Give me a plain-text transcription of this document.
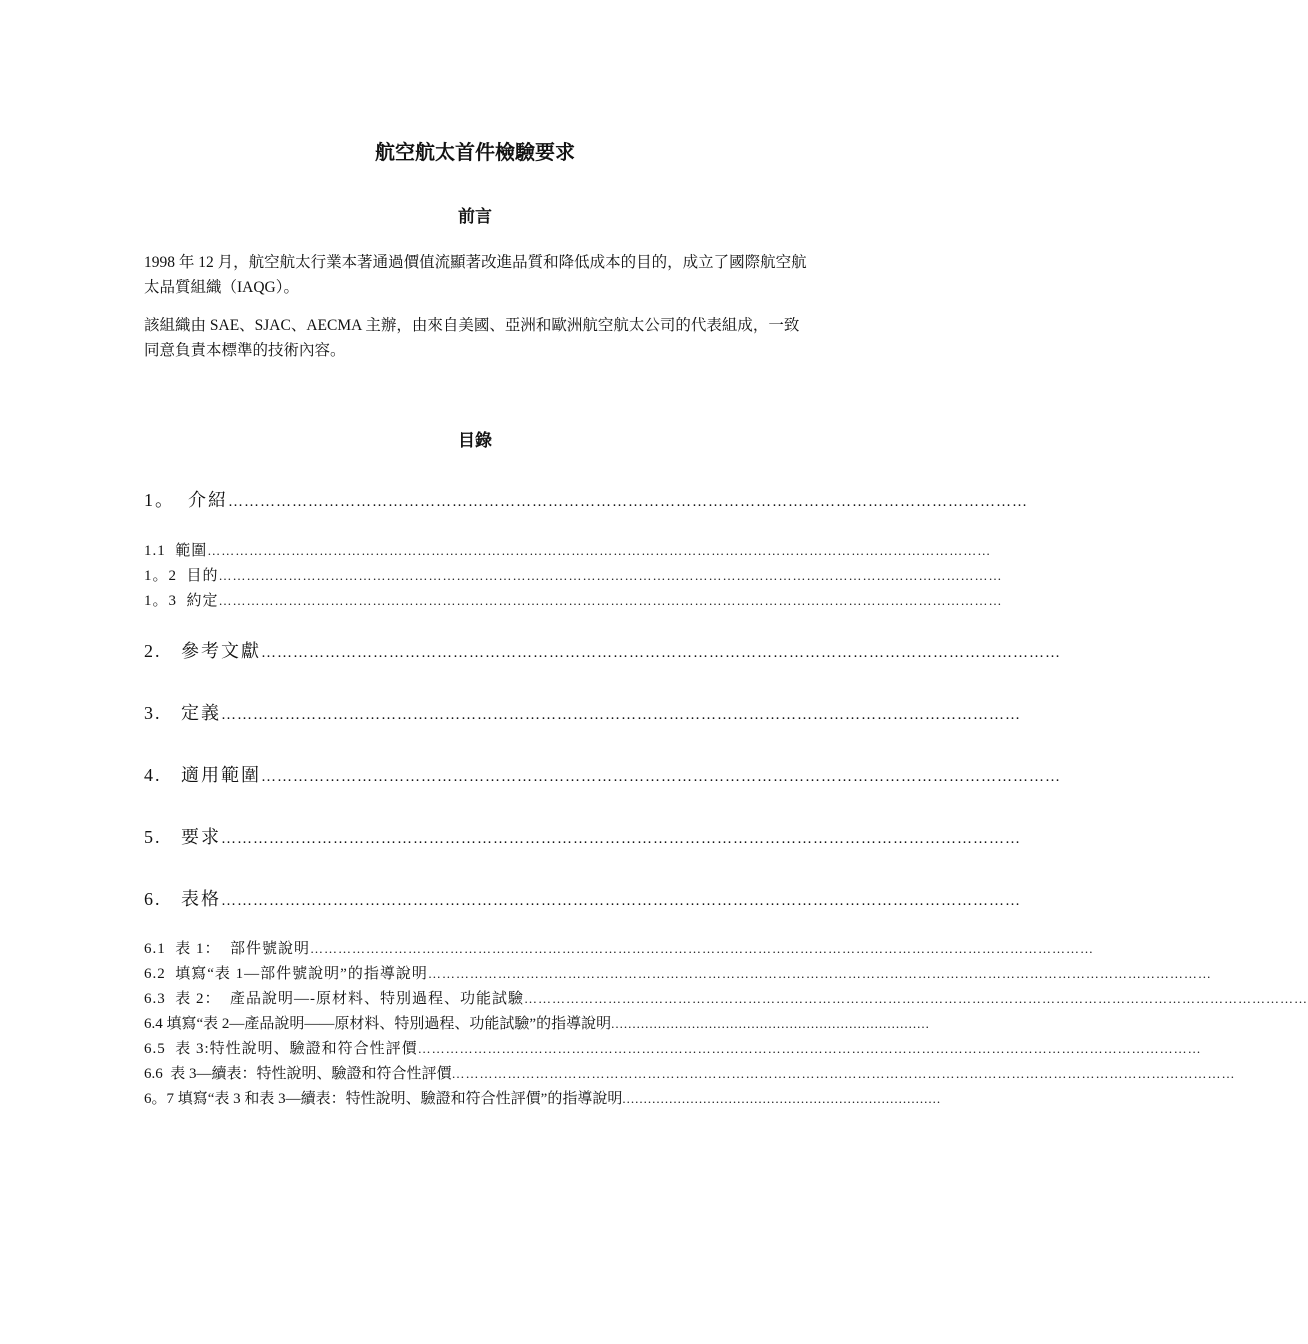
航空航太首件檢驗要求
前言
1998 年 12 月，航空航太行業本著通過價值流顯著改進品質和降低成本的目的，成立了國際航空航太品質組織（IAQG）。
該組織由 SAE、SJAC、AECMA 主辦，由來自美國、亞洲和歐洲航空航太公司的代表組成，一致同意負責本標準的技術內容。
目錄
1。  介紹 ……………………………………………………………………………………………………………………………………
1.1  範圍 ……………………………………………………………………………………………………………………………………………………
1。2  目的 ……………………………………………………………………………………………………………………………………………………
1。3  約定 ……………………………………………………………………………………………………………………………………………………
2.   參考文獻 ……………………………………………………………………………………………………………………………………
3.   定義 ……………………………………………………………………………………………………………………………………
4.   適用範圍 ……………………………………………………………………………………………………………………………………
5.   要求 ……………………………………………………………………………………………………………………………………
6.   表格 ……………………………………………………………………………………………………………………………………
6.1  表 1：  部件號說明 ……………………………………………………………………………………………………………………………………………………
6.2  填寫“表 1—部件號說明”的指導說明 ……………………………………………………………………………………………………………………………………………………
6.3  表 2：  產品說明—-原材料、特別過程、功能試驗 ……………………………………………………………………………………………………………………………………………………
6.4 填寫“表 2—產品說明——原材料、特別過程、功能試驗”的指導說明 ...........................................................................
6.5  表 3:特性說明、驗證和符合性評價 ……………………………………………………………………………………………………………………………………………………
6.6  表 3—續表：特性說明、驗證和符合性評價 ……………………………………………………………………………………………………………………………………………………
6。7 填寫“表 3 和表 3—續表：特性說明、驗證和符合性評價”的指導說明 ...........................................................................
